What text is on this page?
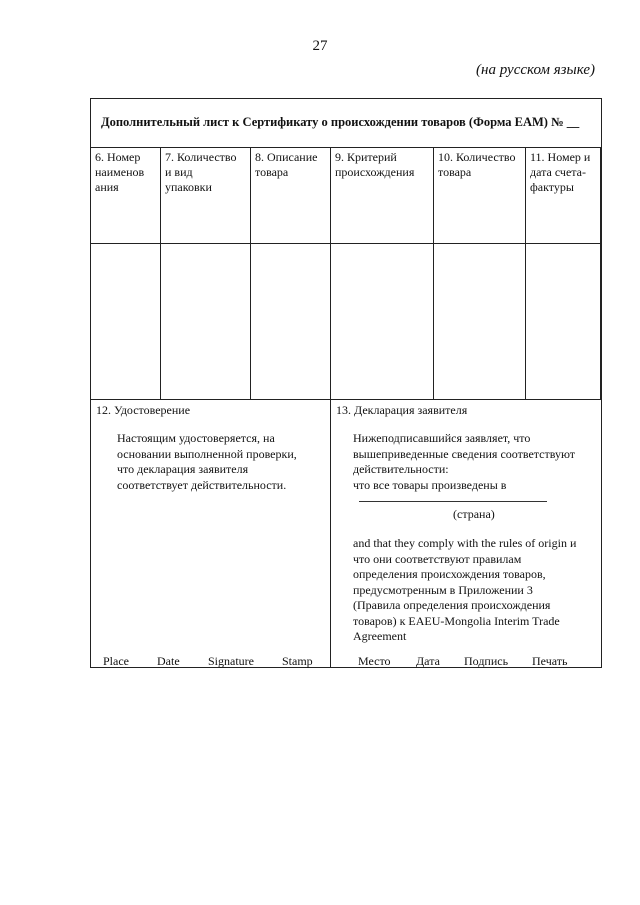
27
(на русском языке)
Дополнительный лист к Сертификату о происхождении товаров (Форма ЕАМ) № __
6. Номер
наименов
ания
7. Количество
и вид
упаковки
8. Описание
товара
9. Критерий
происхождения
10. Количество
товара
11. Номер и
дата счета-
фактуры
12. Удостоверение
Настоящим удостоверяется, на
основании выполненной проверки,
что декларация заявителя
соответствует действительности.
Place Date Signature Stamp
13. Декларация заявителя
Нижеподписавшийся заявляет, что
вышеприведенные сведения соответствуют
действительности:
что все товары произведены в
(страна)
and that they comply with the rules of origin и
что они соответствуют правилам
определения происхождения товаров,
предусмотренным в Приложении 3
(Правила определения происхождения
товаров) к EAEU-Mongolia Interim Trade
Agreement
Место Дата Подпись Печать
